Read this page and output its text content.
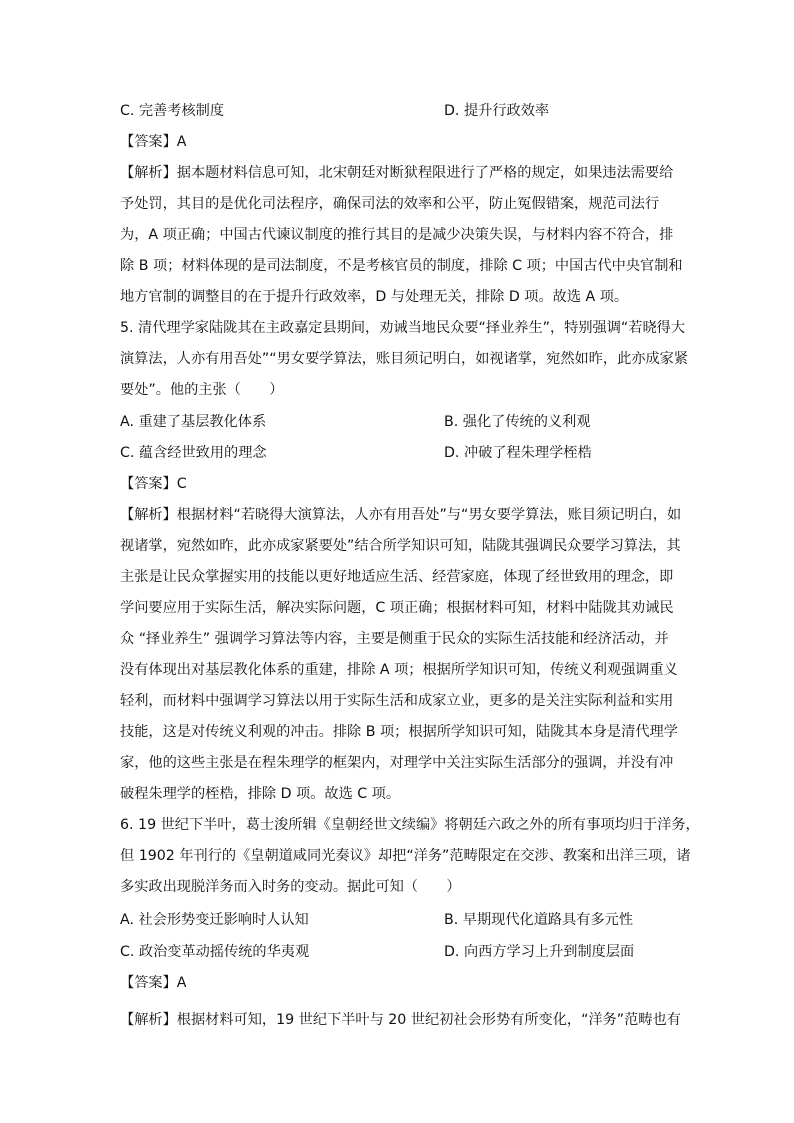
C. 完善考核制度	D. 提升行政效率
【答案】A
【解析】据本题材料信息可知，北宋朝廷对断狱程限进行了严格的规定，如果违法需要给
予处罚，其目的是优化司法程序，确保司法的效率和公平，防止冤假错案，规范司法行
为，A 项正确；中国古代谏议制度的推行其目的是减少决策失误，与材料内容不符合，排
除 B 项；材料体现的是司法制度，不是考核官员的制度，排除 C 项；中国古代中央官制和
地方官制的调整目的在于提升行政效率，D 与处理无关，排除 D 项。故选 A 项。
5. 清代理学家陆陇其在主政嘉定县期间，劝诫当地民众要“择业养生”，特别强调“若晓得大
演算法，人亦有用吾处”“男女要学算法，账目须记明白，如视诸掌，宛然如昨，此亦成家紧
要处”。他的主张（　　）
A. 重建了基层教化体系	B. 强化了传统的义利观
C. 蕴含经世致用的理念	D. 冲破了程朱理学桎梏
【答案】C
【解析】根据材料“若晓得大演算法，人亦有用吾处”与“男女要学算法，账目须记明白，如
视诸掌，宛然如昨，此亦成家紧要处”结合所学知识可知，陆陇其强调民众要学习算法，其
主张是让民众掌握实用的技能以更好地适应生活、经营家庭，体现了经世致用的理念，即
学问要应用于实际生活，解决实际问题，C 项正确；根据材料可知，材料中陆陇其劝诫民
众 “择业养生” 强调学习算法等内容，主要是侧重于民众的实际生活技能和经济活动，并
没有体现出对基层教化体系的重建，排除 A 项；根据所学知识可知，传统义利观强调重义
轻利，而材料中强调学习算法以用于实际生活和成家立业，更多的是关注实际利益和实用
技能，这是对传统义利观的冲击。排除 B 项；根据所学知识可知，陆陇其本身是清代理学
家，他的这些主张是在程朱理学的框架内，对理学中关注实际生活部分的强调，并没有冲
破程朱理学的桎梏，排除 D 项。故选 C 项。
6. 19 世纪下半叶，葛士浚所辑《皇朝经世文续编》将朝廷六政之外的所有事项均归于洋务，
但 1902 年刊行的《皇朝道咸同光奏议》却把“洋务”范畴限定在交涉、教案和出洋三项，诸
多实政出现脱洋务而入时务的变动。据此可知（　　）
A. 社会形势变迁影响时人认知	B. 早期现代化道路具有多元性
C. 政治变革动摇传统的华夷观	D. 向西方学习上升到制度层面
【答案】A
【解析】根据材料可知，19 世纪下半叶与 20 世纪初社会形势有所变化，“洋务”范畴也有
